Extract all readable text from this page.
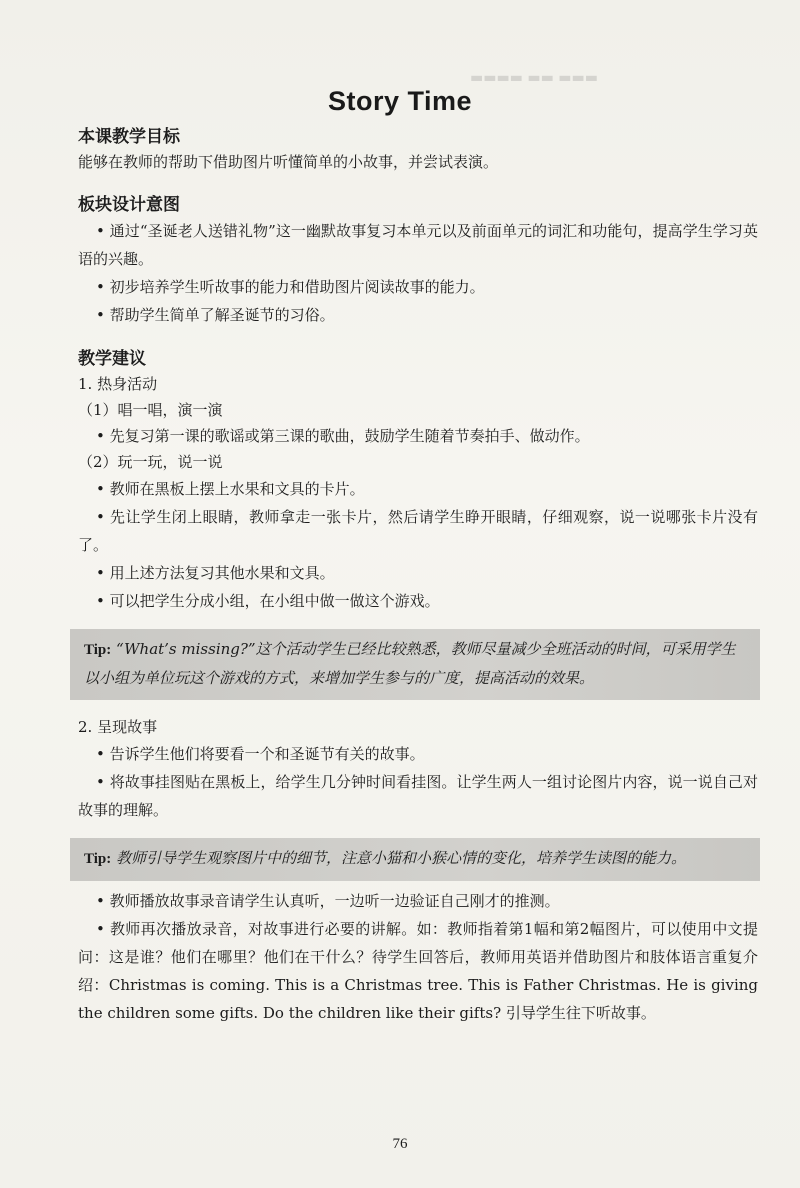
▬▬▬ ▬▬ ▬▬▬▬
Story Time
本课教学目标

能够在教师的帮助下借助图片听懂简单的小故事，并尝试表演。

板块设计意图

• 通过“圣诞老人送错礼物”这一幽默故事复习本单元以及前面单元的词汇和功能句，提高学生学习英语的兴趣。

• 初步培养学生听故事的能力和借助图片阅读故事的能力。

• 帮助学生简单了解圣诞节的习俗。

教学建议

1. 热身活动

（1）唱一唱，演一演

• 先复习第一课的歌谣或第三课的歌曲，鼓励学生随着节奏拍手、做动作。

（2）玩一玩，说一说

• 教师在黑板上摆上水果和文具的卡片。

• 先让学生闭上眼睛，教师拿走一张卡片，然后请学生睁开眼睛，仔细观察，说一说哪张卡片没有了。

• 用上述方法复习其他水果和文具。

• 可以把学生分成小组，在小组中做一做这个游戏。

Tip: “What’s missing?”这个活动学生已经比较熟悉，教师尽量减少全班活动的时间，可采用学生以小组为单位玩这个游戏的方式，来增加学生参与的广度，提高活动的效果。

2. 呈现故事

• 告诉学生他们将要看一个和圣诞节有关的故事。

• 将故事挂图贴在黑板上，给学生几分钟时间看挂图。让学生两人一组讨论图片内容，说一说自己对故事的理解。

Tip: 教师引导学生观察图片中的细节，注意小猫和小猴心情的变化，培养学生读图的能力。

• 教师播放故事录音请学生认真听，一边听一边验证自己刚才的推测。

• 教师再次播放录音，对故事进行必要的讲解。如：教师指着第1幅和第2幅图片，可以使用中文提问：这是谁？他们在哪里？他们在干什么？待学生回答后，教师用英语并借助图片和肢体语言重复介绍：Christmas is coming. This is a Christmas tree. This is Father Christmas. He is giving the children some gifts. Do the children like their gifts? 引导学生往下听故事。

76
